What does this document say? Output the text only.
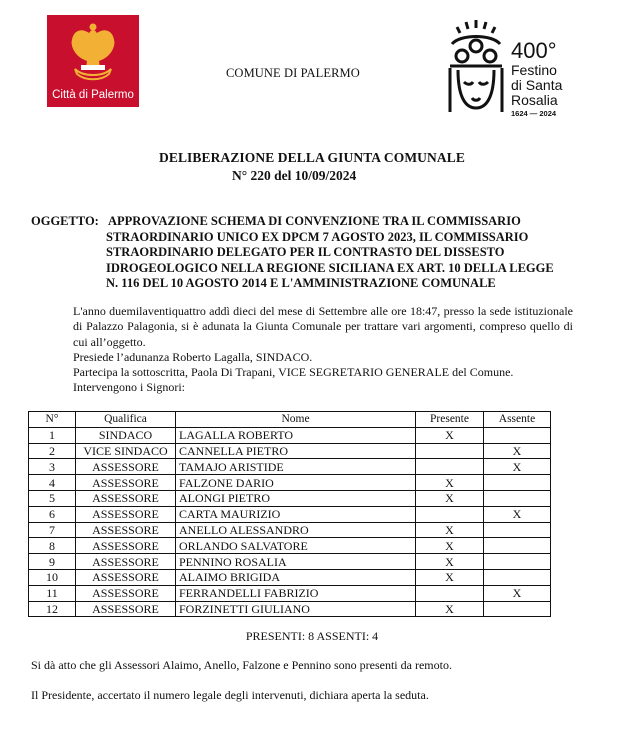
Città di Palermo
COMUNE DI PALERMO
400°
Festino
di Santa
Rosalia
1624 — 2024
DELIBERAZIONE DELLA GIUNTA COMUNALE
N° 220 del 10/09/2024
OGGETTO: APPROVAZIONE SCHEMA DI CONVENZIONE TRA IL COMMISSARIO
STRAORDINARIO UNICO EX DPCM 7 AGOSTO 2023, IL COMMISSARIO
STRAORDINARIO DELEGATO PER IL CONTRASTO DEL DISSESTO
IDROGEOLOGICO NELLA REGIONE SICILIANA EX ART. 10 DELLA LEGGE
N. 116 DEL 10 AGOSTO 2014 E L'AMMINISTRAZIONE COMUNALE

L'anno duemilaventiquattro addì dieci del mese di Settembre alle ore 18:47, presso la sede istituzionale di Palazzo Palagonia, si è adunata la Giunta Comunale per trattare vari argomenti, compreso quello di cui all’oggetto.

Presiede l’adunanza Roberto Lagalla, SINDACO.

Partecipa la sottoscritta, Paola Di Trapani, VICE SEGRETARIO GENERALE del Comune.

Intervengono i Signori:

N°	Qualifica	Nome	Presente	Assente
1	SINDACO	LAGALLA ROBERTO	X	
2	VICE SINDACO	CANNELLA PIETRO		X
3	ASSESSORE	TAMAJO ARISTIDE		X
4	ASSESSORE	FALZONE DARIO	X	
5	ASSESSORE	ALONGI PIETRO	X	
6	ASSESSORE	CARTA MAURIZIO		X
7	ASSESSORE	ANELLO ALESSANDRO	X	
8	ASSESSORE	ORLANDO SALVATORE	X	
9	ASSESSORE	PENNINO ROSALIA	X	
10	ASSESSORE	ALAIMO BRIGIDA	X	
11	ASSESSORE	FERRANDELLI FABRIZIO		X
12	ASSESSORE	FORZINETTI GIULIANO	X	
PRESENTI: 8 ASSENTI: 4
Si dà atto che gli Assessori Alaimo, Anello, Falzone e Pennino sono presenti da remoto.
Il Presidente, accertato il numero legale degli intervenuti, dichiara aperta la seduta.
